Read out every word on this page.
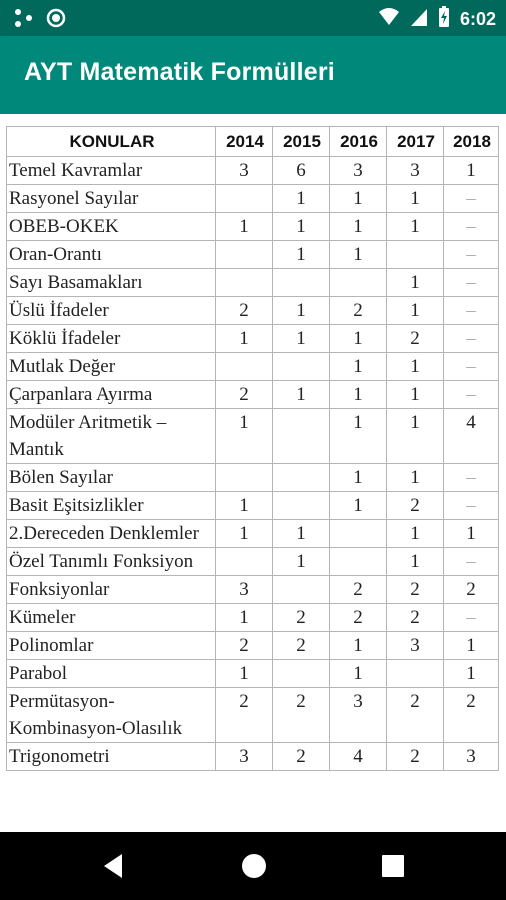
6:02
AYT Matematik Formülleri
KONULAR	2014	2015	2016	2017	2018
Temel Kavramlar	3	6	3	3	1
Rasyonel Sayılar		1	1	1	–
OBEB-OKEK	1	1	1	1	–
Oran-Orantı		1	1		–
Sayı Basamakları				1	–
Üslü İfadeler	2	1	2	1	–
Köklü İfadeler	1	1	1	2	–
Mutlak Değer			1	1	–
Çarpanlara Ayırma	2	1	1	1	–
Modüler Aritmetik – Mantık	1		1	1	4
Bölen Sayılar			1	1	–
Basit Eşitsizlikler	1		1	2	–
2.Dereceden Denklemler	1	1		1	1
Özel Tanımlı Fonksiyon		1		1	–
Fonksiyonlar	3		2	2	2
Kümeler	1	2	2	2	–
Polinomlar	2	2	1	3	1
Parabol	1		1		1
Permütasyon-Kombinasyon-Olasılık	2	2	3	2	2
Trigonometri	3	2	4	2	3
